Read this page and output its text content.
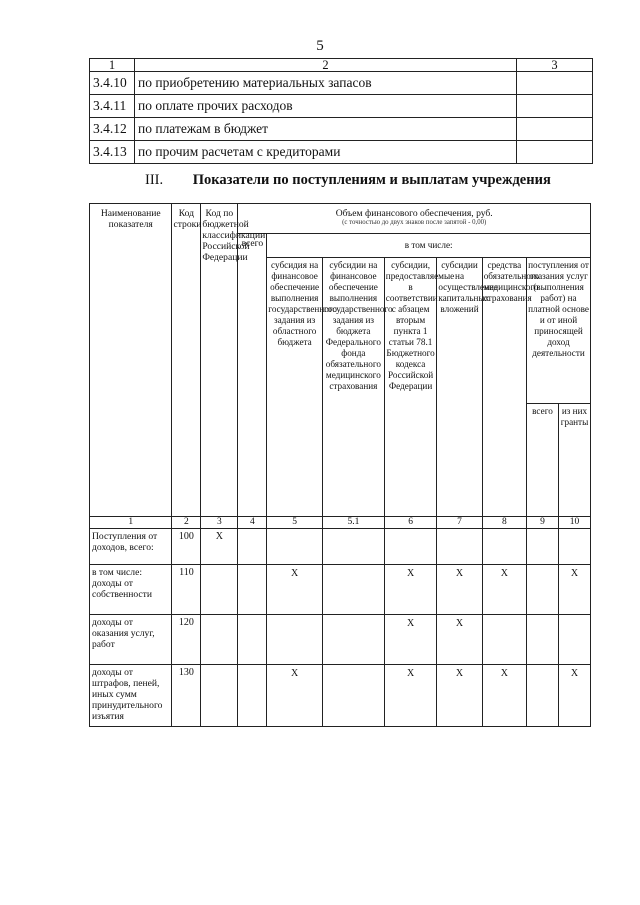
5
1	2	3
3.4.10	по приобретению материальных запасов	
3.4.11	по оплате прочих расходов	
3.4.12	по платежам в бюджет	
3.4.13	по прочим расчетам с кредиторами	
III. Показатели по поступлениям и выплатам учреждения
Наименование показателя	Код строки	Код по бюджетной классификации Российской Федерации	Объем финансового обеспечения, руб.
(с точностью до двух знаков после запятой - 0,00)							

			всего	в том числе:						
				субсидия на финансовое обеспечение выполнения государственного задания из областного бюджета	субсидии на финансовое обеспечение выполнения государственного задания из бюджета Федерального фонда обязательного медицинского страхования	субсидии, предоставляемые в соответствии с абзацем вторым пункта 1 статьи 78.1 Бюджетного кодекса Российской Федерации	субсидии на осуществление капитальных вложений	средства обязательного медицинского страхования	поступления от оказания услуг (выполнения работ) на платной основе и от иной приносящей доход деятельности	
									всего	из них гранты
1	2	3	4	5	5.1	6	7	8	9	10
Поступления от доходов, всего:	100	X								
в том числе: доходы от собственности	110			X		X	X	X		X
доходы от оказания услуг, работ	120					X	X			
доходы от штрафов, пеней, иных сумм принудительного изъятия	130			X		X	X	X		X
